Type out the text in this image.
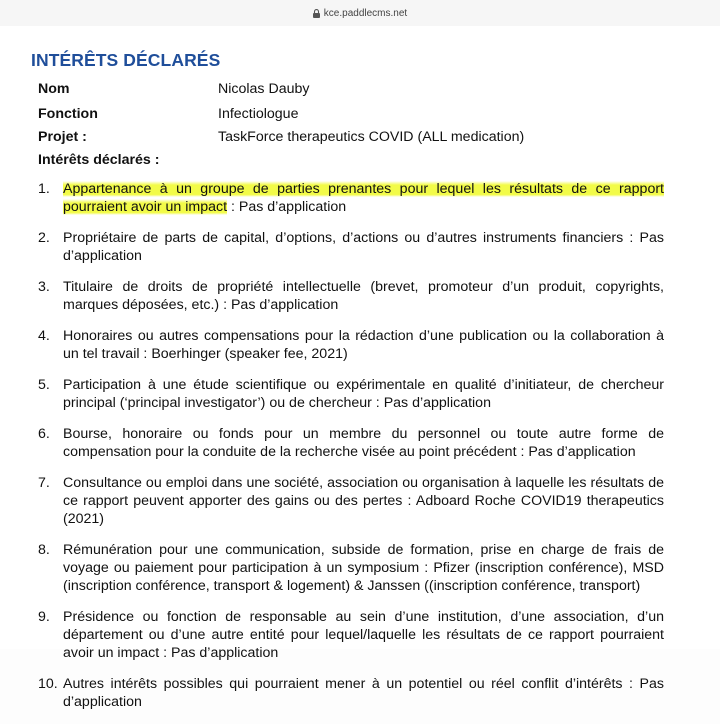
kce.paddlecms.net
INTÉRÊTS DÉCLARÉS
Nom	Nicolas Dauby
Fonction	Infectiologue
Projet :	TaskForce therapeutics COVID (ALL medication)
Intérêts déclarés :
1. Appartenance à un groupe de parties prenantes pour lequel les résultats de ce rapport pourraient avoir un impact : Pas d’application
2. Propriétaire de parts de capital, d’options, d’actions ou d’autres instruments financiers : Pas d’application
3. Titulaire de droits de propriété intellectuelle (brevet, promoteur d’un produit, copyrights, marques déposées, etc.) : Pas d’application
4. Honoraires ou autres compensations pour la rédaction d’une publication ou la collaboration à un tel travail : Boerhinger (speaker fee, 2021)
5. Participation à une étude scientifique ou expérimentale en qualité d’initiateur, de chercheur principal (‘principal investigator’) ou de chercheur : Pas d’application
6. Bourse, honoraire ou fonds pour un membre du personnel ou toute autre forme de compensation pour la conduite de la recherche visée au point précédent : Pas d’application
7. Consultance ou emploi dans une société, association ou organisation à laquelle les résultats de ce rapport peuvent apporter des gains ou des pertes : Adboard Roche COVID19 therapeutics (2021)
8. Rémunération pour une communication, subside de formation, prise en charge de frais de voyage ou paiement pour participation à un symposium : Pfizer (inscription conférence), MSD (inscription conférence, transport & logement) & Janssen ((inscription conférence, transport)
9. Présidence ou fonction de responsable au sein d’une institution, d’une association, d’un département ou d’une autre entité pour lequel/laquelle les résultats de ce rapport pourraient avoir un impact : Pas d’application
10. Autres intérêts possibles qui pourraient mener à un potentiel ou réel conflit d’intérêts : Pas d’application
